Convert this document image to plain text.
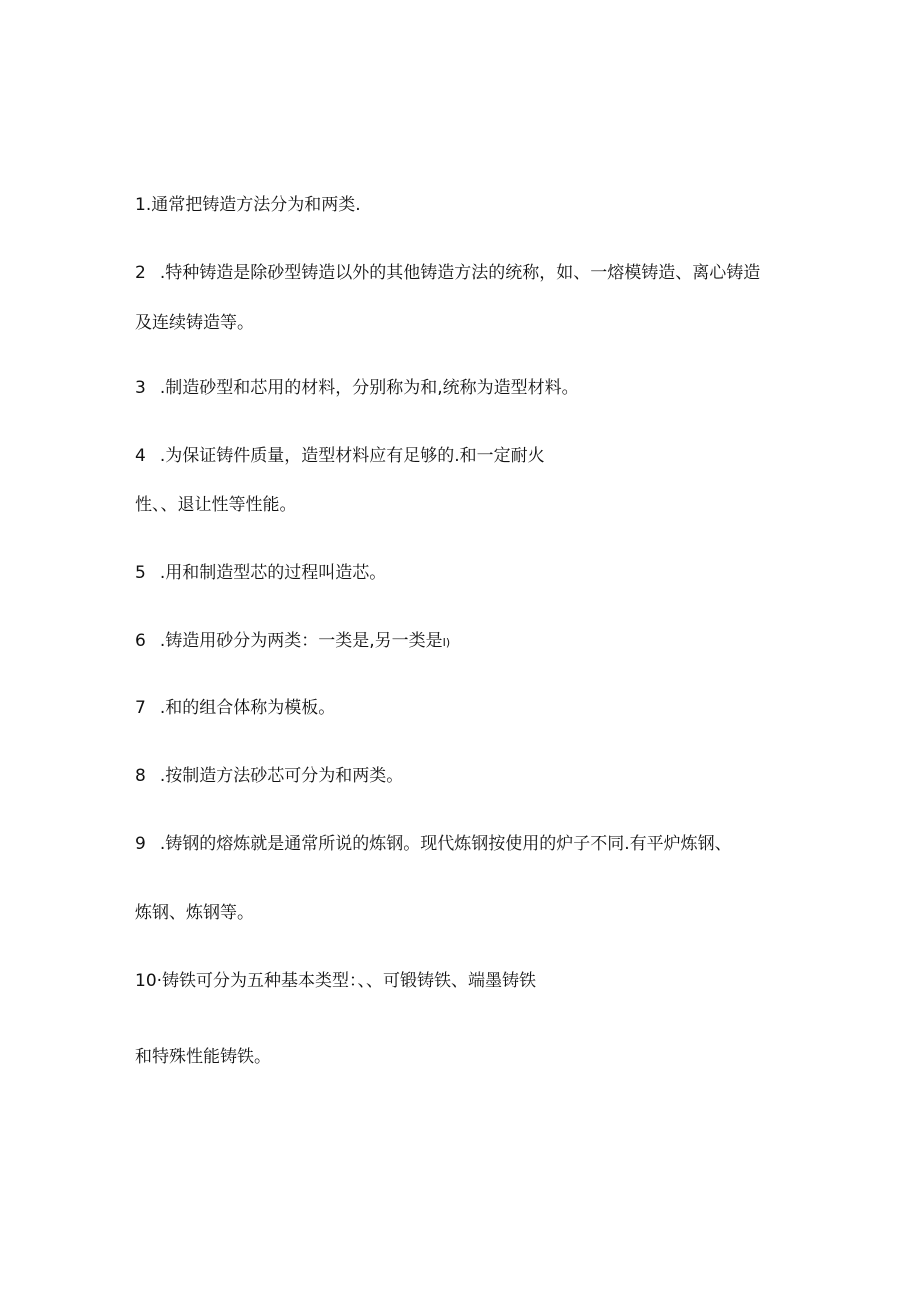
1.通常把铸造方法分为和两类.
2 .特种铸造是除砂型铸造以外的其他铸造方法的统称，如、一熔模铸造、离心铸造
及连续铸造等。
3 .制造砂型和芯用的材料，分别称为和,统称为造型材料。
4 .为保证铸件质量，造型材料应有足够的.和一定耐火
性、、退让性等性能。
5 .用和制造型芯的过程叫造芯。
6 .铸造用砂分为两类：一类是,另一类是I)
7 .和的组合体称为模板。
8 .按制造方法砂芯可分为和两类。
9 .铸钢的熔炼就是通常所说的炼钢。现代炼钢按使用的炉子不同.有平炉炼钢、
炼钢、炼钢等。
10·铸铁可分为五种基本类型：、、可锻铸铁、端墨铸铁
和特殊性能铸铁。
